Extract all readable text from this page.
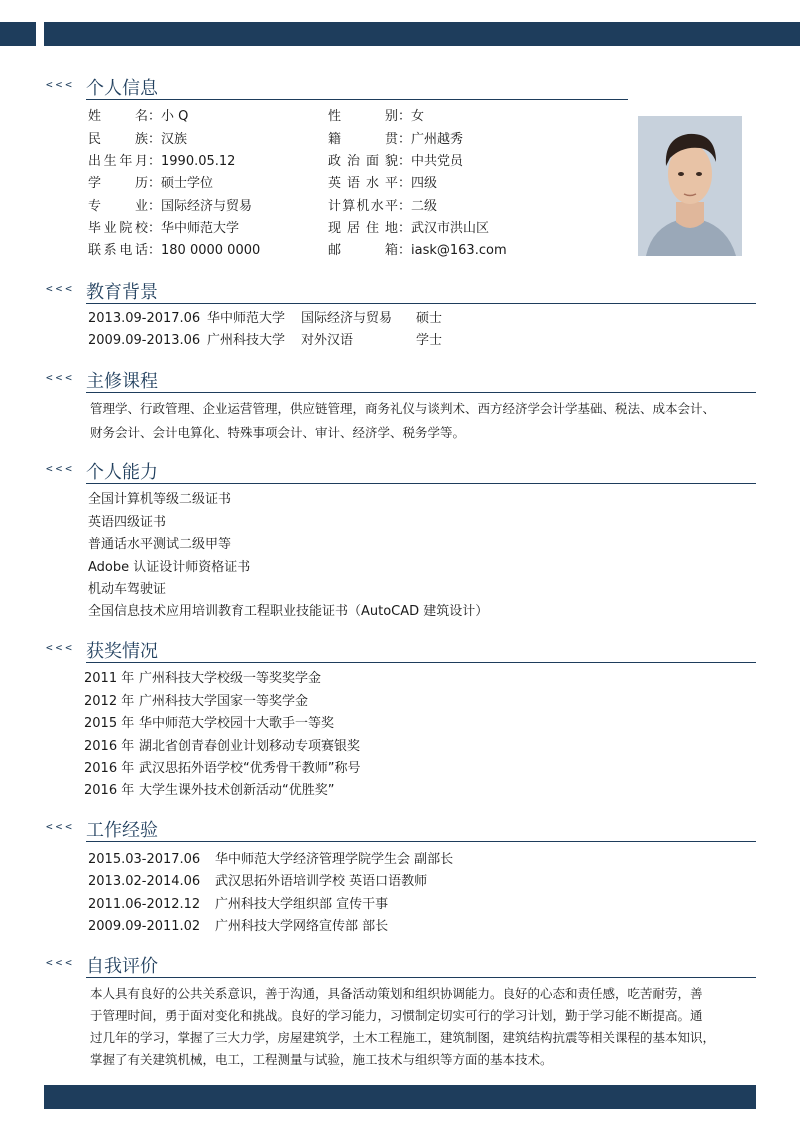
<<< 个人信息
姓名：小 Q
民族：汉族
出生年月：1990.05.12
学历：硕士学位
专业：国际经济与贸易
毕业院校：华中师范大学
联系电话：180 0000 0000
性别：女
籍贯：广州越秀
政治面貌：中共党员
英语水平：四级
计算机水平：二级
现居住地：武汉市洪山区
邮箱：iask@163.com
<<< 教育背景
2013.09-2017.06 华中师范大学 国际经济与贸易 硕士
2009.09-2013.06 广州科技大学 对外汉语	学士
<<< 主修课程
管理学、行政管理、企业运营管理，供应链管理，商务礼仪与谈判术、西方经济学会计学基础、税法、成本会计、
财务会计、会计电算化、特殊事项会计、审计、经济学、税务学等。
<<< 个人能力
全国计算机等级二级证书
英语四级证书
普通话水平测试二级甲等
Adobe 认证设计师资格证书
机动车驾驶证
全国信息技术应用培训教育工程职业技能证书（AutoCAD 建筑设计）
<<< 获奖情况
2011 年 广州科技大学校级一等奖奖学金
2012 年 广州科技大学国家一等奖学金
2015 年 华中师范大学校园十大歌手一等奖
2016 年 湖北省创青春创业计划移动专项赛银奖
2016 年 武汉思拓外语学校“优秀骨干教师”称号
2016 年 大学生课外技术创新活动“优胜奖”
<<< 工作经验
2015.03-2017.06 华中师范大学经济管理学院学生会 副部长
2013.02-2014.06 武汉思拓外语培训学校 英语口语教师
2011.06-2012.12 广州科技大学组织部 宣传干事
2009.09-2011.02 广州科技大学网络宣传部 部长
<<< 自我评价
本人具有良好的公共关系意识，善于沟通，具备活动策划和组织协调能力。良好的心态和责任感，吃苦耐劳，善
于管理时间，勇于面对变化和挑战。良好的学习能力，习惯制定切实可行的学习计划，勤于学习能不断提高。通
过几年的学习，掌握了三大力学，房屋建筑学，土木工程施工，建筑制图，建筑结构抗震等相关课程的基本知识，
掌握了有关建筑机械，电工，工程测量与试验，施工技术与组织等方面的基本技术。
